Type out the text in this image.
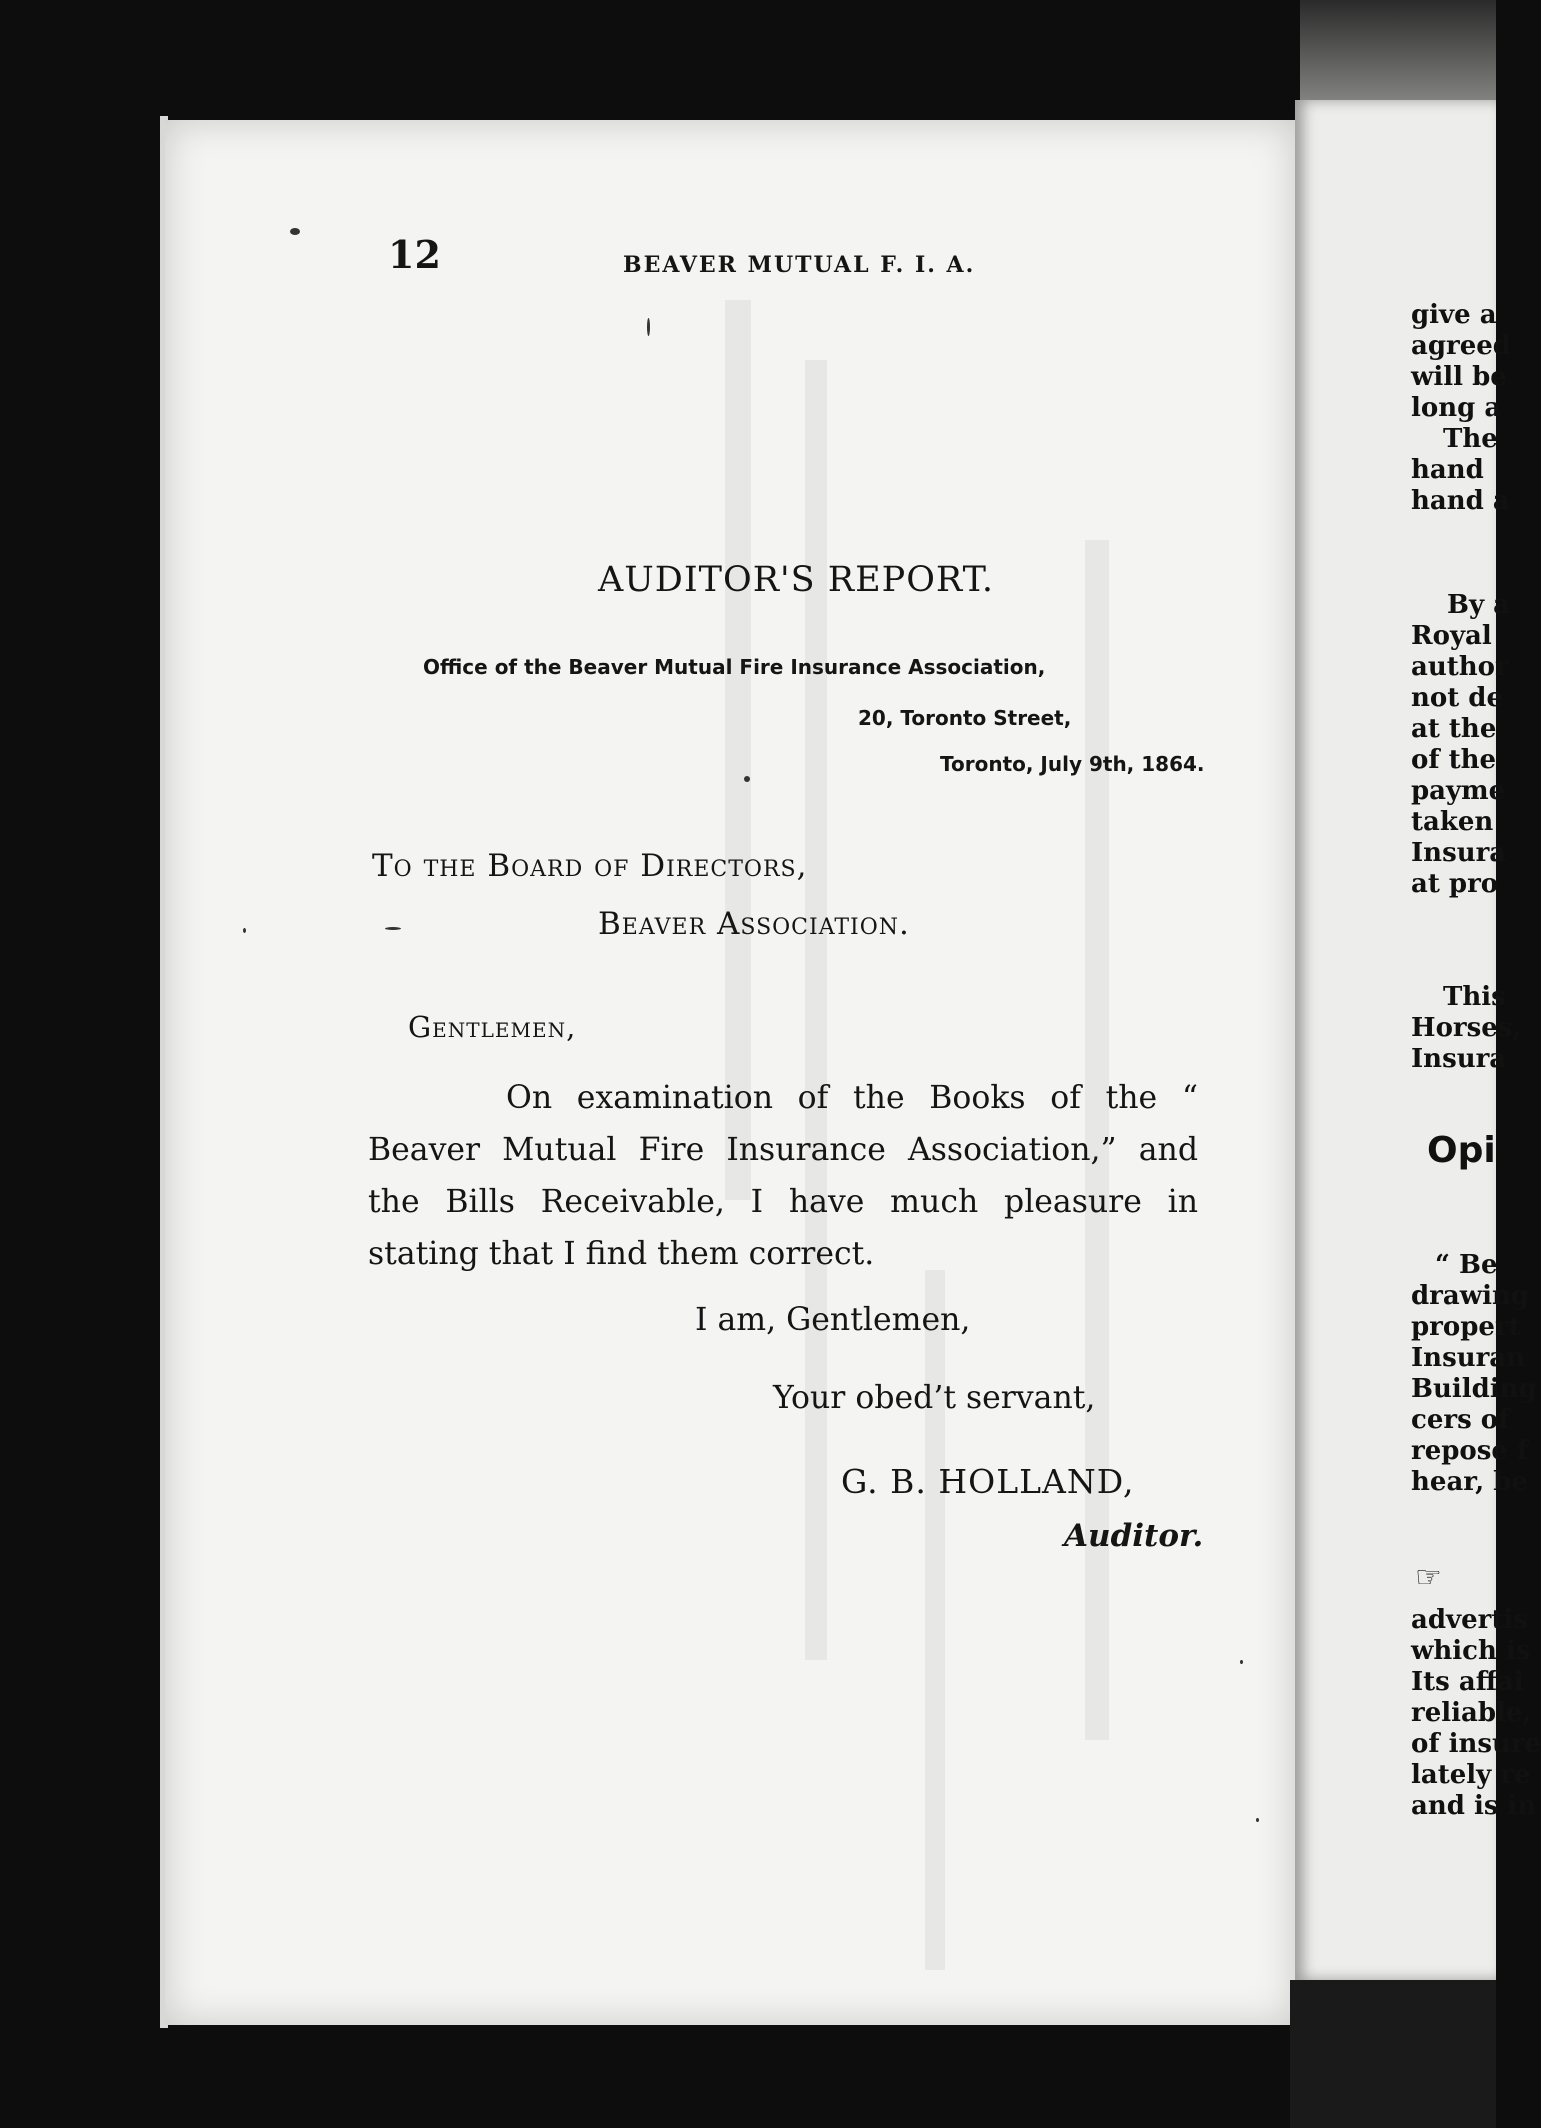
12	BEAVER MUTUAL F. I. A.
AUDITOR'S REPORT.
Office of the Beaver Mutual Fire Insurance Association,
20, Toronto Street,
Toronto, July 9th, 1864.
To the Board of Directors,
Beaver Association.
Gentlemen,
On examination of the Books of the “ Beaver Mutual Fire Insurance Association,” and the Bills Receivable, I have much pleasure in stating that I find them correct.
I am, Gentlemen,
Your obed’t servant,
G. B. HOLLAND,
Auditor.
give a
agreed
will be
long a
The
hand
hand a
By a
Royal
author
not de
at the
of the
payme
taken
Insura
at pro
This
Horses,
Insura
Opi
“ Be
drawing
propert
Insuran
Building
cers of
repose f
hear, be
☞
advertis
which is
Its affai
reliable,
of insure
lately re
and is in
